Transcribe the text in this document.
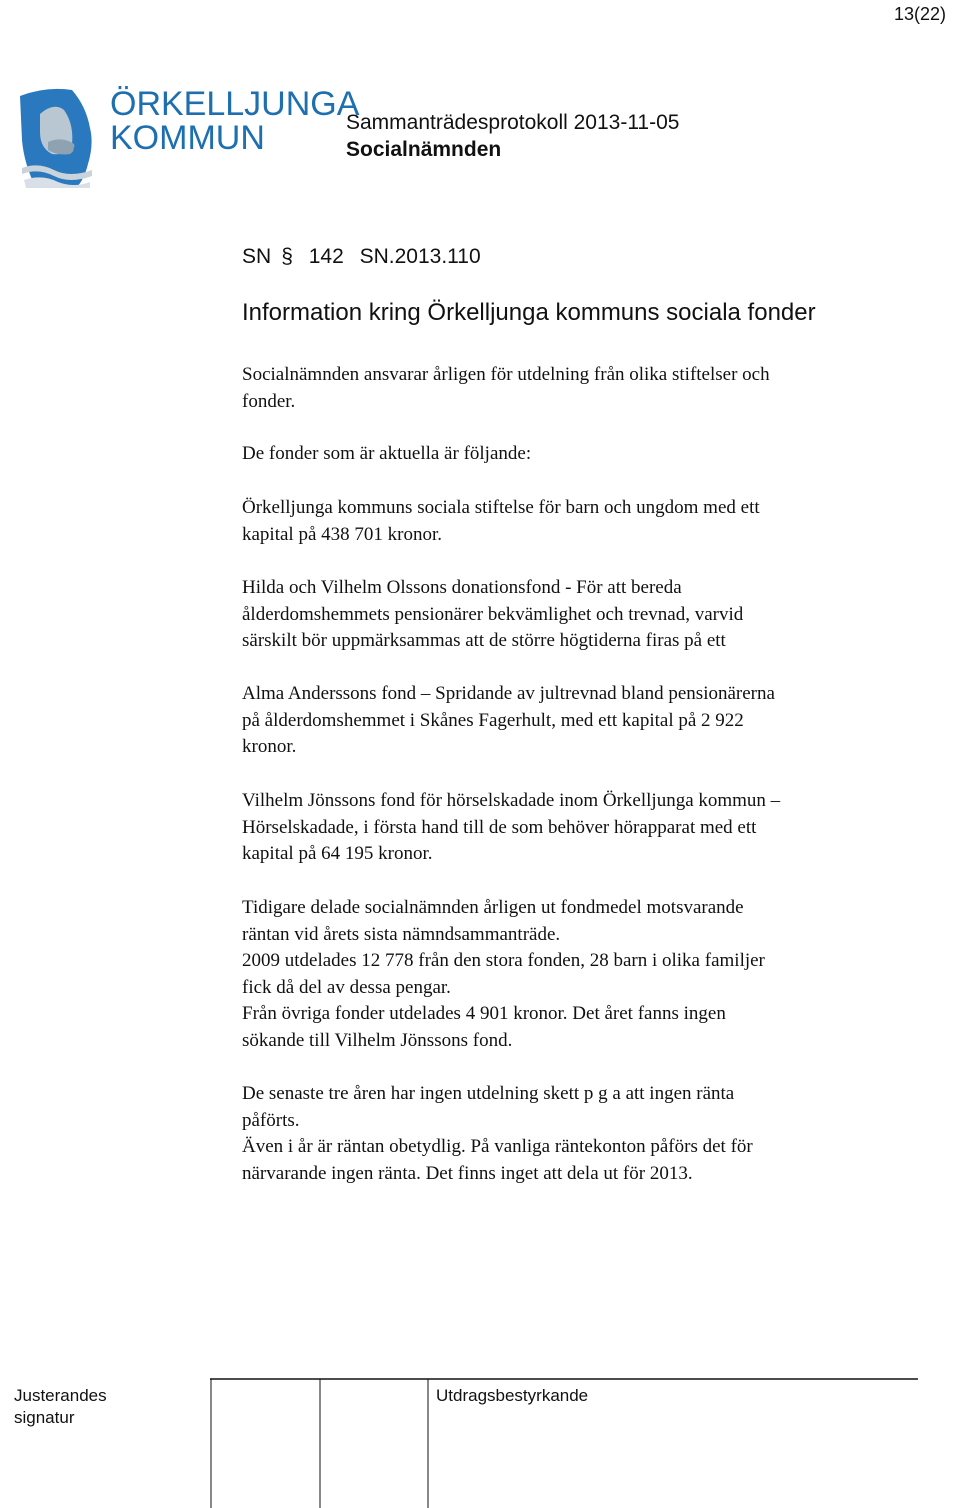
13(22)
ÖRKELLJUNGA
KOMMUN	Sammanträdesprotokoll 2013-11-05
Socialnämnden
SN § 142 SN.2013.110
Information kring Örkelljunga kommuns sociala fonder
Socialnämnden ansvarar årligen för utdelning från olika stiftelser och
fonder.
De fonder som är aktuella är följande:
Örkelljunga kommuns sociala stiftelse för barn och ungdom med ett
kapital på 438 701 kronor.
Hilda och Vilhelm Olssons donationsfond - För att bereda
ålderdomshemmets pensionärer bekvämlighet och trevnad, varvid
särskilt bör uppmärksammas att de större högtiderna firas på ett
Alma Anderssons fond – Spridande av jultrevnad bland pensionärerna
på ålderdomshemmet i Skånes Fagerhult, med ett kapital på 2 922
kronor.
Vilhelm Jönssons fond för hörselskadade inom Örkelljunga kommun –
Hörselskadade, i första hand till de som behöver hörapparat med ett
kapital på 64 195 kronor.
Tidigare delade socialnämnden årligen ut fondmedel motsvarande
räntan vid årets sista nämndsammanträde.
2009 utdelades 12 778 från den stora fonden, 28 barn i olika familjer
fick då del av dessa pengar.
Från övriga fonder utdelades 4 901 kronor. Det året fanns ingen
sökande till Vilhelm Jönssons fond.
De senaste tre åren har ingen utdelning skett p g a att ingen ränta
påförts.
Även i år är räntan obetydlig. På vanliga räntekonton påförs det för
närvarande ingen ränta. Det finns inget att dela ut för 2013.
Justerandes
signatur
Utdragsbestyrkande
